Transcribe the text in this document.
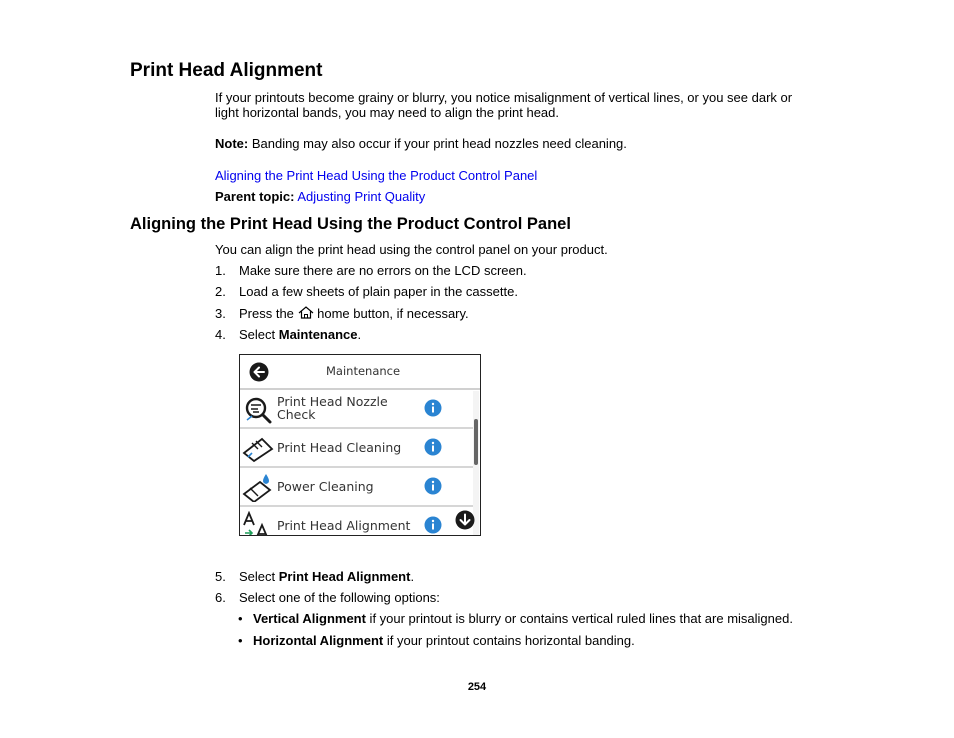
Print Head Alignment

If your printouts become grainy or blurry, you notice misalignment of vertical lines, or you see dark or
light horizontal bands, you may need to align the print head.

Note: Banding may also occur if your print head nozzles need cleaning.

Aligning the Print Head Using the Product Control Panel

Parent topic: Adjusting Print Quality

Aligning the Print Head Using the Product Control Panel

You can align the print head using the control panel on your product.

1. Make sure there are no errors on the LCD screen.
2. Load a few sheets of plain paper in the cassette.
3. Press the  home button, if necessary.
4. Select Maintenance.
Maintenance
Print Head Nozzle
Check
Print Head Cleaning
Power Cleaning
Print Head Alignment
5. Select Print Head Alignment.
6. Select one of the following options:
• Vertical Alignment if your printout is blurry or contains vertical ruled lines that are misaligned.
• Horizontal Alignment if your printout contains horizontal banding.
254
